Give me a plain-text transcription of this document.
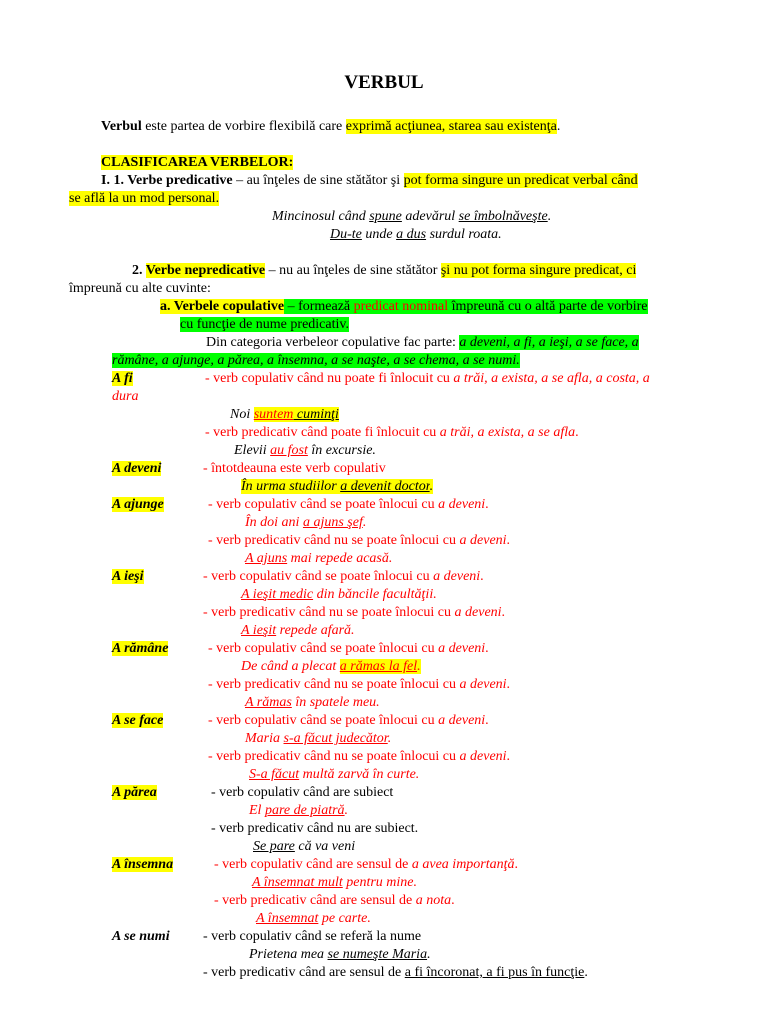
VERBUL
Verbul este partea de vorbire flexibilă care exprimă acţiunea, starea sau existenţa.
CLASIFICAREA VERBELOR:
I. 1. Verbe predicative – au înţeles de sine stătător şi pot forma singure un predicat verbal când
se află la un mod personal.
Mincinosul când spune adevărul se îmbolnăveşte.
Du-te unde a dus surdul roata.
2. Verbe nepredicative – nu au înţeles de sine stătător şi nu pot forma singure predicat, ci
împreună cu alte cuvinte:
a. Verbele copulative – formează predicat nominal împreună cu o altă parte de vorbire
cu funcţie de nume predicativ.
Din categoria verbeleor copulative fac parte: a deveni, a fi, a ieşi, a se face, a
rămâne, a ajunge, a părea, a însemna, a se naşte, a se chema, a se numi.
A fi	- verb copulativ când nu poate fi înlocuit cu a trăi, a exista, a se afla, a costa, a
dura
Noi suntem cuminţi
- verb predicativ când poate fi înlocuit cu a trăi, a exista, a se afla.
Elevii au fost în excursie.
A deveni	- întotdeauna este verb copulativ
În urma studiilor a devenit doctor.
A ajunge	- verb copulativ când se poate înlocui cu a deveni.
În doi ani a ajuns şef.
- verb predicativ când nu se poate înlocui cu a deveni.
A ajuns mai repede acasă.
A ieşi	- verb copulativ când se poate înlocui cu a deveni.
A ieşit medic din băncile facultăţii.
- verb predicativ când nu se poate înlocui cu a deveni.
A ieşit repede afară.
A rămâne	- verb copulativ când se poate înlocui cu a deveni.
De când a plecat a rămas la fel.
- verb predicativ când nu se poate înlocui cu a deveni.
A rămas în spatele meu.
A se face	- verb copulativ când se poate înlocui cu a deveni.
Maria s-a făcut judecător.
- verb predicativ când nu se poate înlocui cu a deveni.
S-a făcut multă zarvă în curte.
A părea	- verb copulativ când are subiect
El pare de piatră.
- verb predicativ când nu are subiect.
Se pare că va veni
A însemna	- verb copulativ când are sensul de a avea importanţă.
A însemnat mult pentru mine.
- verb predicativ când are sensul de a nota.
A însemnat pe carte.
A se numi - verb copulativ când se referă la nume
Prietena mea se numeşte Maria.
- verb predicativ când are sensul de a fi încoronat, a fi pus în funcţie.
